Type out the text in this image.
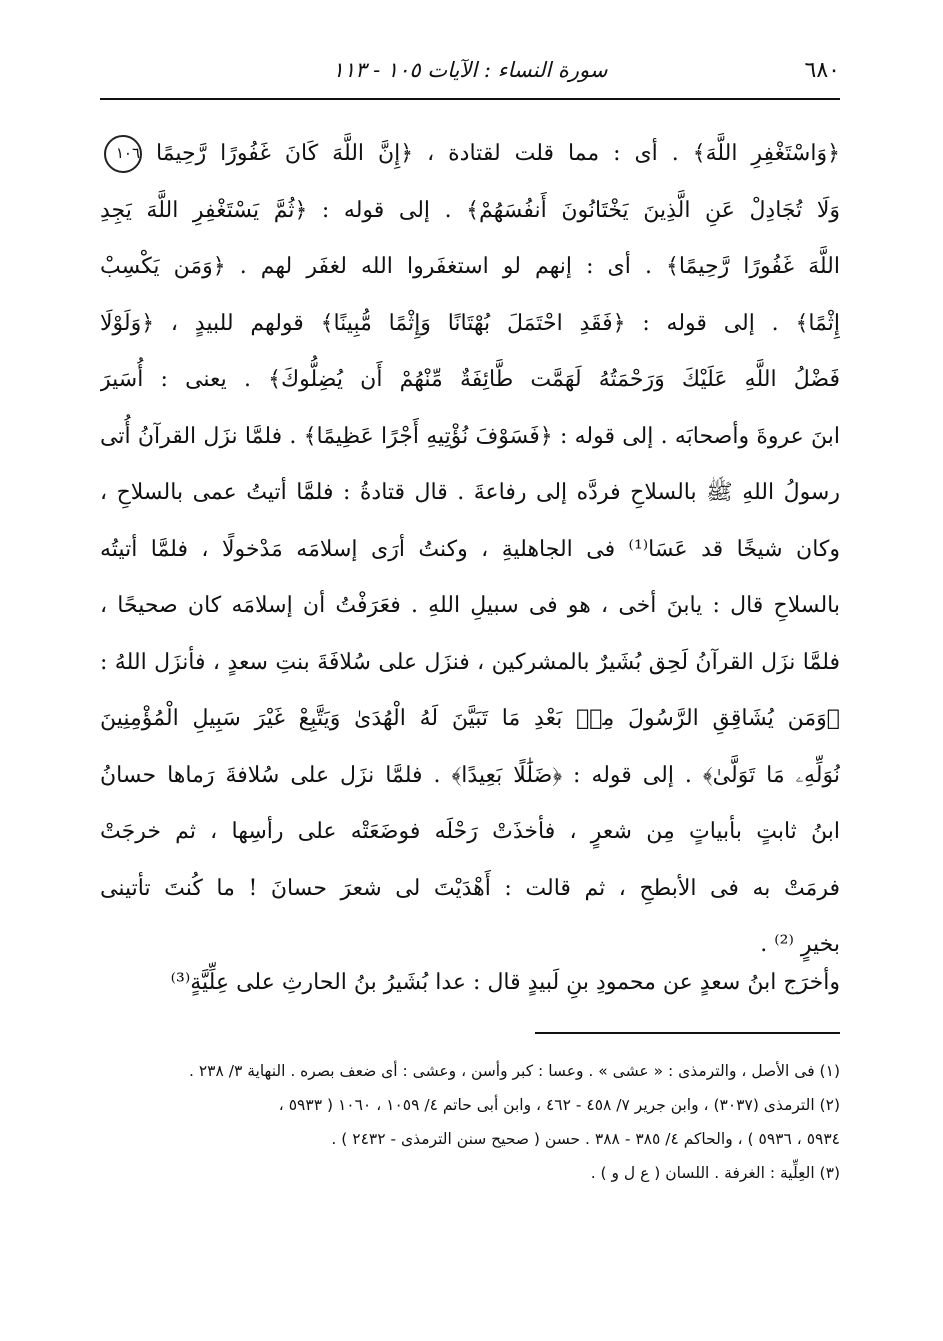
٦٨٠
سورة النساء : الآيات ١٠٥ - ١١٣
﴿وَاسْتَغْفِرِ اللَّهَ﴾ . أى : مما قلت لقتادة ، ﴿إِنَّ اللَّهَ كَانَ غَفُورًا رَّحِيمًا ١٠٦
وَلَا تُجَادِلْ عَنِ الَّذِينَ يَخْتَانُونَ أَنفُسَهُمْ﴾ . إلى قوله : ﴿ثُمَّ يَسْتَغْفِرِ اللَّهَ يَجِدِ
اللَّهَ غَفُورًا رَّحِيمًا﴾ . أى : إنهم لو استغفَروا الله لغفَر لهم . ﴿وَمَن يَكْسِبْ
إِثْمًا﴾ . إلى قوله : ﴿فَقَدِ احْتَمَلَ بُهْتَانًا وَإِثْمًا مُّبِينًا﴾ قولهم للبيدٍ ، ﴿وَلَوْلَا
فَضْلُ اللَّهِ عَلَيْكَ وَرَحْمَتُهُ لَهَمَّت طَّائِفَةٌ مِّنْهُمْ أَن يُضِلُّوكَ﴾ . يعنى : أُسَيرَ
ابنَ عروةَ وأصحابَه . إلى قوله : ﴿فَسَوْفَ نُؤْتِيهِ أَجْرًا عَظِيمًا﴾ . فلمَّا نزَل القرآنُ أُتى
رسولُ اللهِ ﷺ بالسلاحِ فردَّه إلى رفاعةَ . قال قتادةُ : فلمَّا أتيتُ عمى بالسلاحِ ،
وكان شيخًا قد عَسَا⁽¹⁾ فى الجاهليةِ ، وكنتُ أرَى إسلامَه مَدْخولًا ، فلمَّا أتيتُه
بالسلاحِ قال : يابنَ أخى ، هو فى سبيلِ اللهِ . فعَرَفْتُ أن إسلامَه كان صحيحًا ،
فلمَّا نزَل القرآنُ لَحِق بُشَيرٌ بالمشركين ، فنزَل على سُلافَةَ بنتِ سعدٍ ، فأنزَل اللهُ :
﴿وَمَن يُشَاقِقِ الرَّسُولَ مِنۢ بَعْدِ مَا تَبَيَّنَ لَهُ الْهُدَىٰ وَيَتَّبِعْ غَيْرَ سَبِيلِ الْمُؤْمِنِينَ
نُوَلِّهِۦ مَا تَوَلَّىٰ﴾ . إلى قوله : ﴿ضَلَٰلًا بَعِيدًا﴾ . فلمَّا نزَل على سُلافةَ رَماها حسانُ
ابنُ ثابتٍ بأبياتٍ مِن شعرٍ ، فأخذَتْ رَحْلَه فوضَعَتْه على رأسِها ، ثم خرجَتْ
فرمَتْ به فى الأبطحِ ، ثم قالت : أَهْدَيْتَ لى شعرَ حسانَ ! ما كُنتَ تأتينى
بخيرٍ ⁽²⁾ .
وأخرَج ابنُ سعدٍ عن محمودِ بنِ لَبيدٍ قال : عدا بُشَيرُ بنُ الحارثِ على عِلِّيَّةٍ⁽³⁾
(١) فى الأصل ، والترمذى : « عشى » . وعسا : كبر وأسن ، وعشى : أى ضعف بصره . النهاية ٣/ ٢٣٨ .
(٢) الترمذى (٣٠٣٧) ، وابن جرير ٧/ ٤٥٨ - ٤٦٢ ، وابن أبى حاتم ٤/ ١٠٥٩ ، ١٠٦٠ ( ٥٩٣٣ ،
٥٩٣٤ ، ٥٩٣٦ ) ، والحاكم ٤/ ٣٨٥ - ٣٨٨ . حسن ( صحيح سنن الترمذى - ٢٤٣٢ ) .
(٣) العِلِّية : الغرفة . اللسان ( ع ل و ) .
